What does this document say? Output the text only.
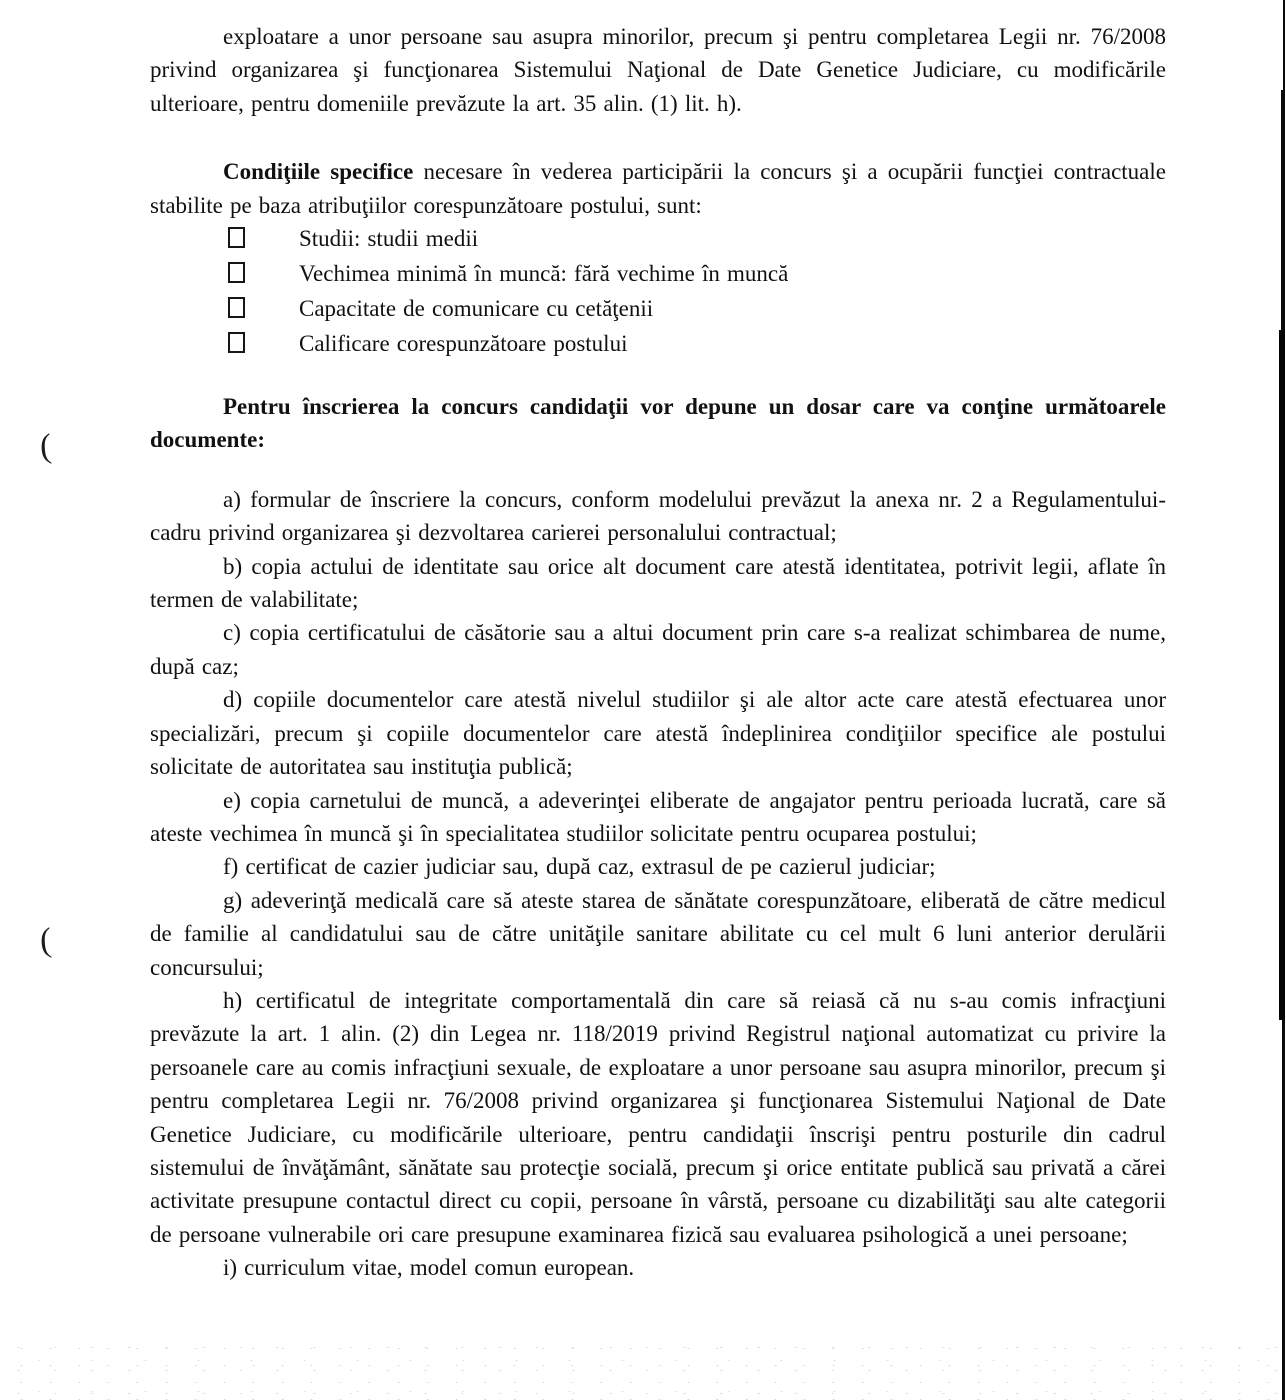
(
(

exploatare a unor persoane sau asupra minorilor, precum şi pentru completarea Legii nr. 76/2008 privind organizarea şi funcţionarea Sistemului Naţional de Date Genetice Judiciare, cu modificările ulterioare, pentru domeniile prevăzute la art. 35 alin. (1) lit. h).

Condiţiile specifice necesare în vederea participării la concurs şi a ocupării funcţiei contractuale stabilite pe baza atribuţiilor corespunzătoare postului, sunt:

Studii: studii medii
Vechimea minimă în muncă: fără vechime în muncă
Capacitate de comunicare cu cetăţenii
Calificare corespunzătoare postului

Pentru înscrierea la concurs candidaţii vor depune un dosar care va conţine următoarele documente:

a) formular de înscriere la concurs, conform modelului prevăzut la anexa nr. 2 a Regulamentului-cadru privind organizarea şi dezvoltarea carierei personalului contractual;

b) copia actului de identitate sau orice alt document care atestă identitatea, potrivit legii, aflate în termen de valabilitate;

c) copia certificatului de căsătorie sau a altui document prin care s-a realizat schimbarea de nume, după caz;

d) copiile documentelor care atestă nivelul studiilor şi ale altor acte care atestă efectuarea unor specializări, precum şi copiile documentelor care atestă îndeplinirea condiţiilor specifice ale postului solicitate de autoritatea sau instituţia publică;

e) copia carnetului de muncă, a adeverinţei eliberate de angajator pentru perioada lucrată, care să ateste vechimea în muncă şi în specialitatea studiilor solicitate pentru ocuparea postului;

f) certificat de cazier judiciar sau, după caz, extrasul de pe cazierul judiciar;

g) adeverinţă medicală care să ateste starea de sănătate corespunzătoare, eliberată de către medicul de familie al candidatului sau de către unităţile sanitare abilitate cu cel mult 6 luni anterior derulării concursului;

h) certificatul de integritate comportamentală din care să reiasă că nu s-au comis infracţiuni prevăzute la art. 1 alin. (2) din Legea nr. 118/2019 privind Registrul naţional automatizat cu privire la persoanele care au comis infracţiuni sexuale, de exploatare a unor persoane sau asupra minorilor, precum şi pentru completarea Legii nr. 76/2008 privind organizarea şi funcţionarea Sistemului Naţional de Date Genetice Judiciare, cu modificările ulterioare, pentru candidaţii înscrişi pentru posturile din cadrul sistemului de învăţământ, sănătate sau protecţie socială, precum şi orice entitate publică sau privată a cărei activitate presupune contactul direct cu copii, persoane în vârstă, persoane cu dizabilităţi sau alte categorii de persoane vulnerabile ori care presupune examinarea fizică sau evaluarea psihologică a unei persoane;

i) curriculum vitae, model comun european.
